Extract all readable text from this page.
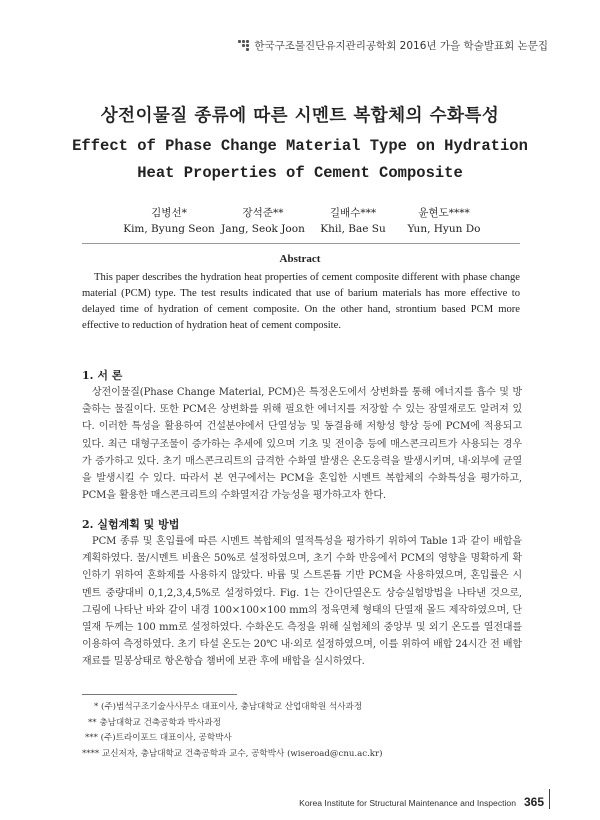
한국구조물진단유지관리공학회 2016년 가을 학술발표회 논문집
상전이물질 종류에 따른 시멘트 복합체의 수화특성
Effect of Phase Change Material Type on Hydration
Heat Properties of Cement Composite
김병선*	장석준**	길배수***	윤현도****
Kim, Byung Seon Jang, Seok Joon	Khil, Bae Su	Yun, Hyun Do
Abstract
This paper describes the hydration heat properties of cement composite different with phase change material (PCM) type. The test results indicated that use of barium materials has more effective to delayed time of hydration of cement composite. On the other hand, strontium based PCM more effective to reduction of hydration heat of cement composite.
1. 서 론
상전이물질(Phase Change Material, PCM)은 특정온도에서 상변화를 통해 에너지를 흡수 및 방출하는 물질이다. 또한 PCM은 상변화를 위해 필요한 에너지를 저장할 수 있는 잠열재로도 알려져 있다. 이러한 특성을 활용하여 건설분야에서 단열성능 및 동결융해 저항성 향상 등에 PCM에 적용되고 있다. 최근 대형구조물이 증가하는 추세에 있으며 기초 및 전이층 등에 매스콘크리트가 사용되는 경우가 증가하고 있다. 초기 매스콘크리트의 급격한 수화열 발생은 온도응력을 발생시키며, 내·외부에 균열을 발생시킬 수 있다. 따라서 본 연구에서는 PCM을 혼입한 시멘트 복합체의 수화특성을 평가하고, PCM을 활용한 매스콘크리트의 수화열저감 가능성을 평가하고자 한다.
2. 실험계획 및 방법
PCM 종류 및 혼입률에 따른 시멘트 복합체의 열적특성을 평가하기 위하여 Table 1과 같이 배합을 계획하였다. 물/시멘트 비율은 50%로 설정하였으며, 초기 수화 반응에서 PCM의 영향을 명확하게 확인하기 위하여 혼화제를 사용하지 않았다. 바륨 및 스트론튬 기반 PCM을 사용하였으며, 혼입률은 시멘트 중량대비 0,1,2,3,4,5%로 설정하였다. Fig. 1는 간이단열온도 상승실험방법을 나타낸 것으로, 그림에 나타난 바와 같이 내경 100×100×100 mm의 정육면체 형태의 단열재 몰드 제작하였으며, 단열재 두께는 100 mm로 설정하였다. 수화온도 측정을 위해 실험체의 중앙부 및 외기 온도를 열전대를 이용하여 측정하였다. 초기 타설 온도는 20℃ 내·외로 설정하였으며, 이를 위하여 배합 24시간 전 배합재료를 밀봉상태로 항온항습 챔버에 보관 후에 배합을 실시하였다.
* (주)범석구조기술사사무소 대표이사, 충남대학교 산업대학원 석사과정
** 충남대학교 건축공학과 박사과정
*** (주)트라이포드 대표이사, 공학박사
**** 교신저자, 충남대학교 건축공학과 교수, 공학박사 (wiseroad@cnu.ac.kr)
Korea Institute for Structural Maintenance and Inspection 365
